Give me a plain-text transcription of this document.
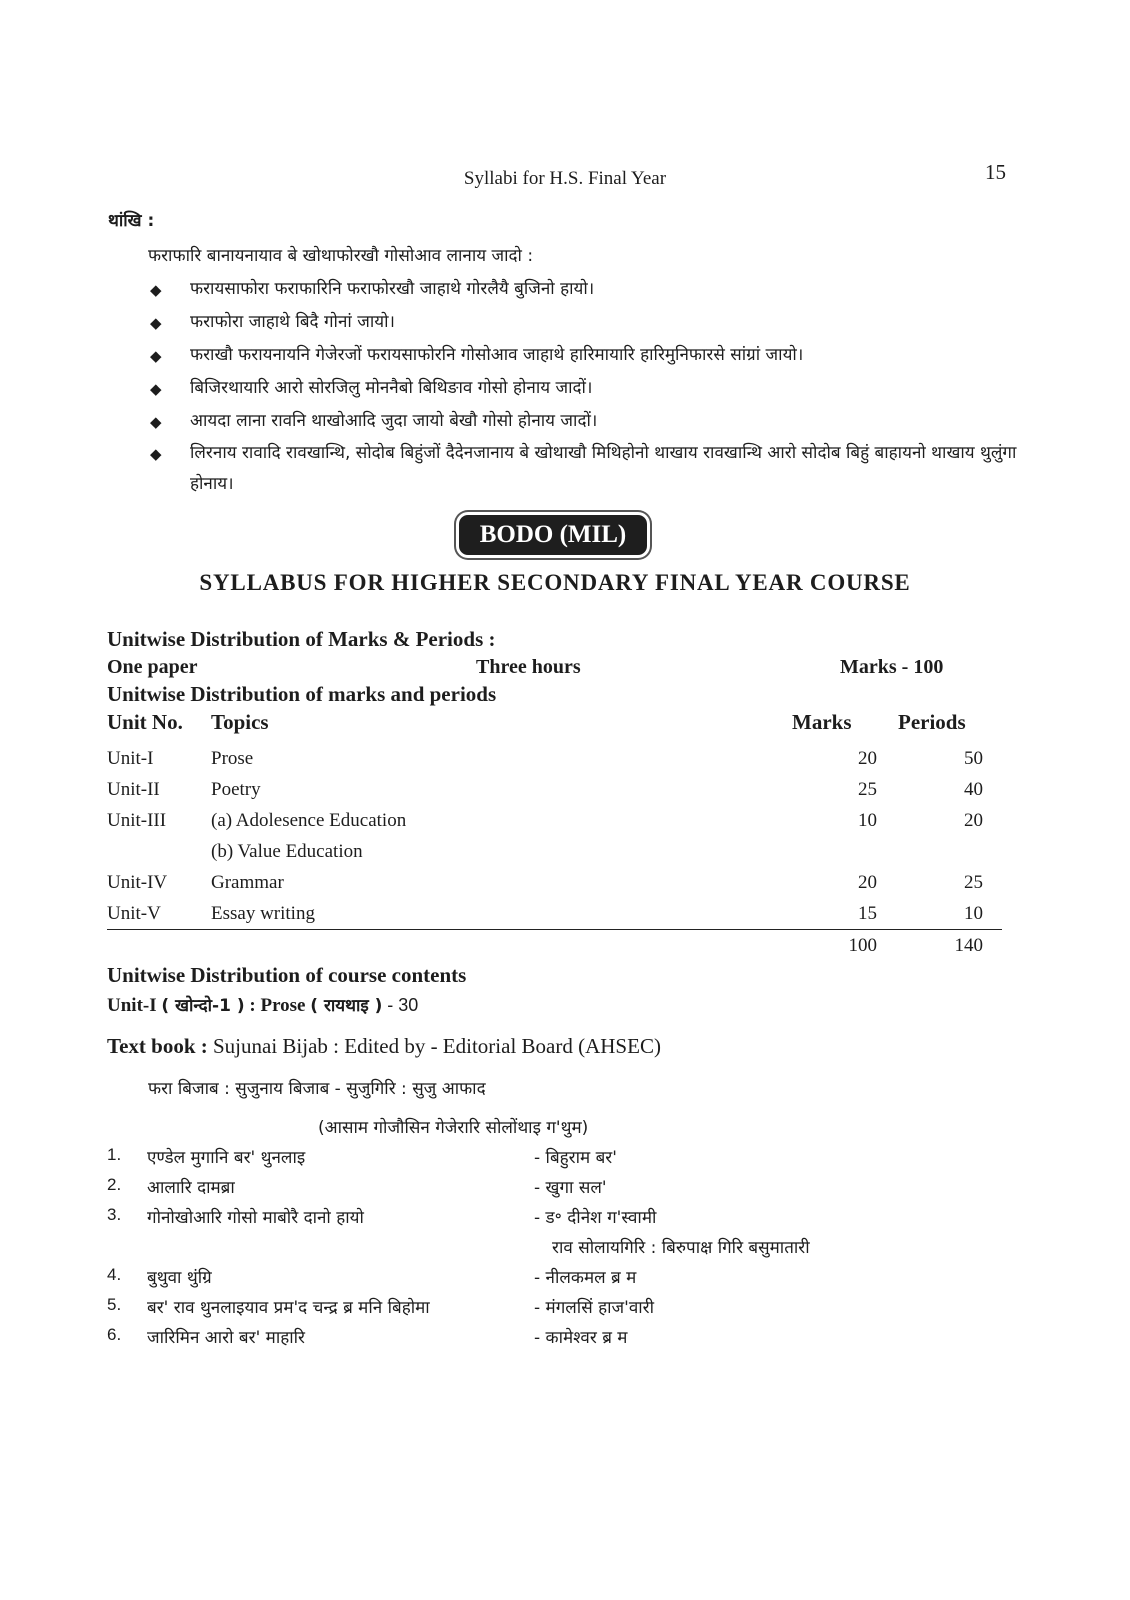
Syllabi for H.S. Final Year	15
थांखि :
फराफारि बानायनायाव बे खोथाफोरखौ गोसोआव लानाय जादो :
◆ फरायसाफोरा फराफारिनि फराफोरखौ जाहाथे गोरलैयै बुजिनो हायो।
◆ फराफोरा जाहाथे बिदै गोनां जायो।
◆ फराखौ फरायनायनि गेजेरजों फरायसाफोरनि गोसोआव जाहाथे हारिमायारि हारिमुनिफारसे सांग्रां जायो।
◆ बिजिरथायारि आरो सोरजिलु मोननैबो बिथिङाव गोसो होनाय जादों।
◆ आयदा लाना रावनि थाखोआदि जुदा जायो बेखौ गोसो होनाय जादों।
◆ लिरनाय रावादि रावखान्थि, सोदोब बिहुंजों दैदेनजानाय बे खोथाखौ मिथिहोनो थाखाय रावखान्थि आरो सोदोब बिहुं बाहायनो थाखाय थुलुंगा होनाय।
BODO (MIL)
SYLLABUS FOR HIGHER SECONDARY FINAL YEAR COURSE
Unitwise Distribution of Marks & Periods :
One paper	Three hours	Marks - 100
Unitwise Distribution of marks and periods
Unit No. Topics	Marks Periods
Unit-I	Prose	20	50
Unit-II	Poetry	25	40
Unit-III (a) Adolesence Education	10	20
(b) Value Education
Unit-IV Grammar	20	25
Unit-V	Essay writing	15	10
100	140
Unitwise Distribution of course contents
Unit-I ( खोन्दो-1 ) : Prose ( रायथाइ ) - 30
Text book : Sujunai Bijab : Edited by - Editorial Board (AHSEC)
फरा बिजाब : सुजुनाय बिजाब - सुजुगिरि : सुजु आफाद
(आसाम गोजौसिन गेजेरारि सोलोंथाइ ग'थुम)
1. एण्डेल मुगानि बर' थुनलाइ	- बिहुराम बर'
2. आलारि दामब्रा	- खुगा सल'
3. गोनोखोआरि गोसो माबोरै दानो हायो	- ड॰ दीनेश ग'स्वामी
राव सोलायगिरि : बिरुपाक्ष गिरि बसुमातारी
4. बुथुवा थुंग्रि	- नीलकमल ब्र म
5. बर' राव थुनलाइयाव प्रम'द चन्द्र ब्र मनि बिहोमा	- मंगलसिं हाज'वारी
6. जारिमिन आरो बर' माहारि	- कामेश्वर ब्र म
